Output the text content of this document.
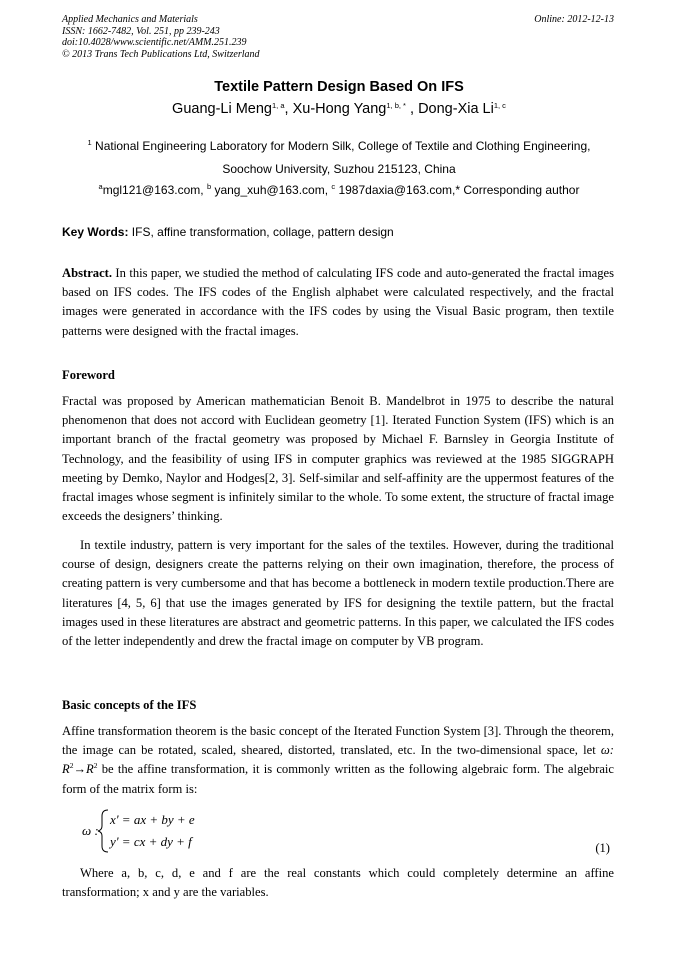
Applied Mechanics and Materials
ISSN: 1662-7482, Vol. 251, pp 239-243
doi:10.4028/www.scientific.net/AMM.251.239
© 2013 Trans Tech Publications Ltd, Switzerland
Online: 2012-12-13
Textile Pattern Design Based On IFS
Guang-Li Meng$^{1, a}$, Xu-Hong Yang$^{1, b, *}$ , Dong-Xia Li$^{1, c}$
$^1$ National Engineering Laboratory for Modern Silk, College of Textile and Clothing Engineering,
Soochow University, Suzhou 215123, China
$^a$mgl121@163.com, $^b$ yang_xuh@163.com, $^c$ 1987daxia@163.com,* Corresponding author
Key Words: IFS, affine transformation, collage, pattern design
Abstract. In this paper, we studied the method of calculating IFS code and auto-generated the fractal images based on IFS codes. The IFS codes of the English alphabet were calculated respectively, and the fractal images were generated in accordance with the IFS codes by using the Visual Basic program, then textile patterns were designed with the fractal images.
Foreword
Fractal was proposed by American mathematician Benoit B. Mandelbrot in 1975 to describe the natural phenomenon that does not accord with Euclidean geometry [1]. Iterated Function System (IFS) which is an important branch of the fractal geometry was proposed by Michael F. Barnsley in Georgia Institute of Technology, and the feasibility of using IFS in computer graphics was reviewed at the 1985 SIGGRAPH meeting by Demko, Naylor and Hodges[2, 3]. Self-similar and self-affinity are the uppermost features of the fractal images whose segment is infinitely similar to the whole. To some extent, the structure of fractal image exceeds the designers’ thinking.
In textile industry, pattern is very important for the sales of the textiles. However, during the traditional course of design, designers create the patterns relying on their own imagination, therefore, the process of creating pattern is very cumbersome and that has become a bottleneck in modern textile production.There are literatures [4, 5, 6] that use the images generated by IFS for designing the textile pattern, but the fractal images used in these literatures are abstract and geometric patterns. In this paper, we calculated the IFS codes of the letter independently and drew the fractal image on computer by VB program.
Basic concepts of the IFS
Affine transformation theorem is the basic concept of the Iterated Function System [3]. Through the theorem, the image can be rotated, scaled, sheared, distorted, translated, etc. In the two-dimensional space, let ω: $R^2\to R^2$ be the affine transformation, it is commonly written as the following algebraic form. The algebraic form of the matrix form is:
ω :
x' = ax + by + e
y' = cx + dy + f	(1)
Where a, b, c, d, e and f are the real constants which could completely determine an affine transformation; x and y are the variables.
